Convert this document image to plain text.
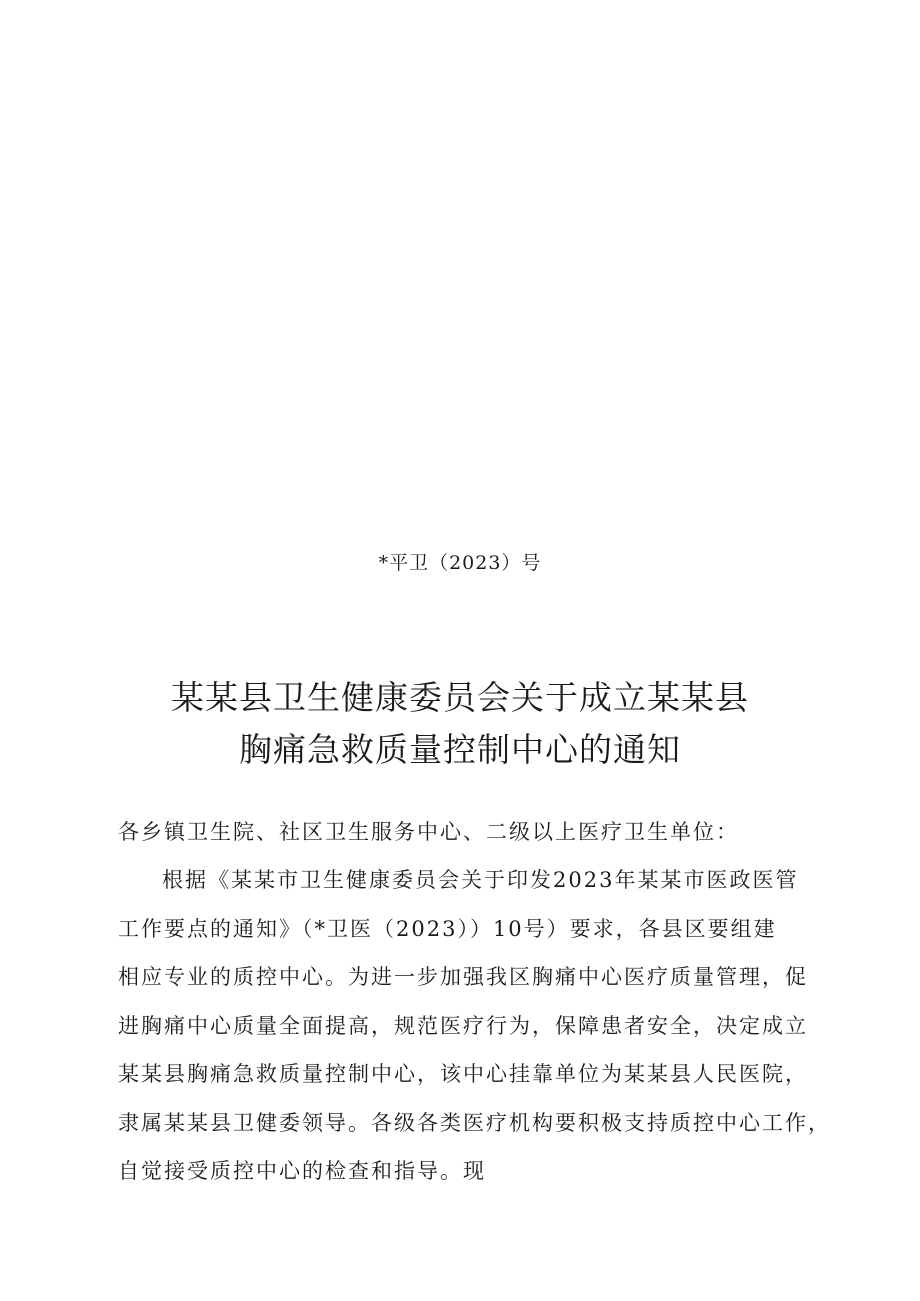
*平卫（2023）号
某某县卫生健康委员会关于成立某某县
胸痛急救质量控制中心的通知
各乡镇卫生院、社区卫生服务中心、二级以上医疗卫生单位：
根据《某某市卫生健康委员会关于印发2023年某某市医政医管
工作要点的通知》（*卫医（2023））10号）要求，各县区要组建
相应专业的质控中心。为进一步加强我区胸痛中心医疗质量管理，促
进胸痛中心质量全面提高，规范医疗行为，保障患者安全，决定成立
某某县胸痛急救质量控制中心，该中心挂靠单位为某某县人民医院，
隶属某某县卫健委领导。各级各类医疗机构要积极支持质控中心工作，
自觉接受质控中心的检查和指导。现
